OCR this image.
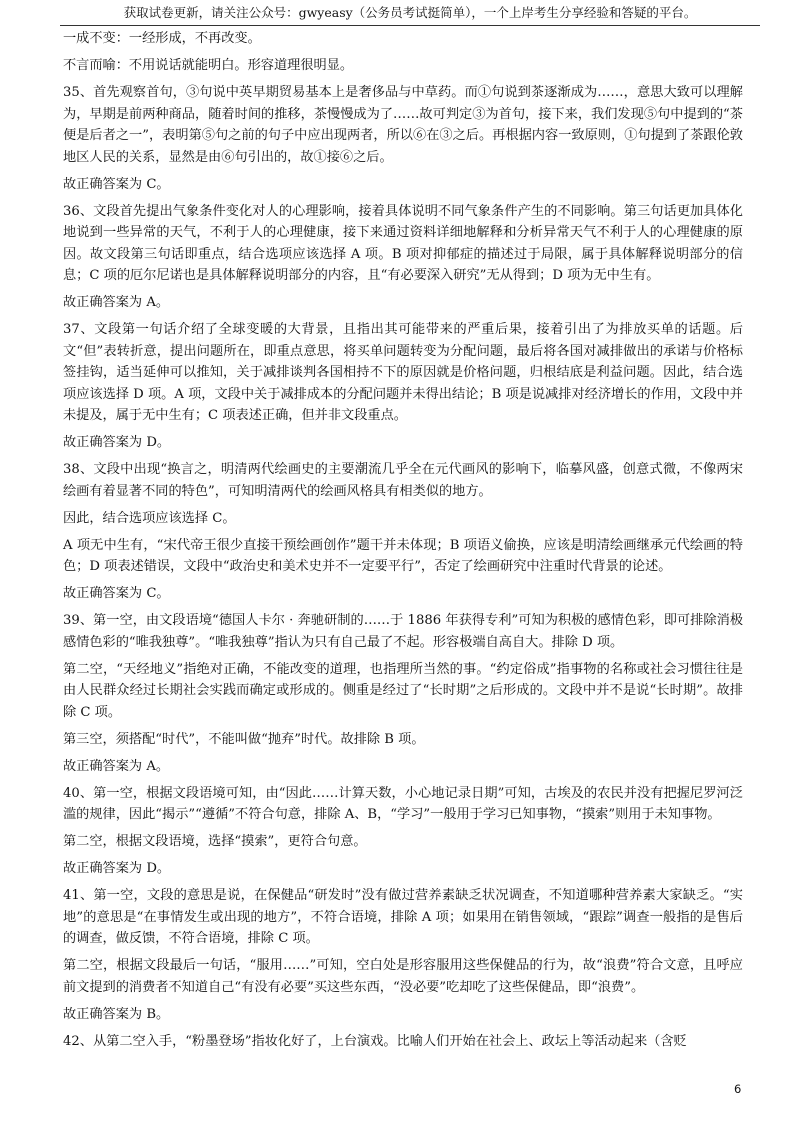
获取试卷更新，请关注公众号：gwyeasy（公务员考试挺简单），一个上岸考生分享经验和答疑的平台。

一成不变：一经形成，不再改变。

不言而喻：不用说话就能明白。形容道理很明显。

35、首先观察首句，③句说中英早期贸易基本上是奢侈品与中草药。而①句说到茶逐渐成为……，意思大致可以理解为，早期是前两种商品，随着时间的推移，茶慢慢成为了……故可判定③为首句，接下来，我们发现⑤句中提到的“茶便是后者之一”，表明第⑤句之前的句子中应出现两者，所以⑥在③之后。再根据内容一致原则，①句提到了茶跟伦敦地区人民的关系，显然是由⑥句引出的，故①接⑥之后。

故正确答案为 C。

36、文段首先提出气象条件变化对人的心理影响，接着具体说明不同气象条件产生的不同影响。第三句话更加具体化地说到一些异常的天气，不利于人的心理健康，接下来通过资料详细地解释和分析异常天气不利于人的心理健康的原因。故文段第三句话即重点，结合选项应该选择 A 项。B 项对抑郁症的描述过于局限，属于具体解释说明部分的信息；C 项的厄尔尼诺也是具体解释说明部分的内容，且“有必要深入研究”无从得到；D 项为无中生有。

故正确答案为 A。

37、文段第一句话介绍了全球变暖的大背景，且指出其可能带来的严重后果，接着引出了为排放买单的话题。后文“但”表转折意，提出问题所在，即重点意思，将买单问题转变为分配问题，最后将各国对减排做出的承诺与价格标签挂钩，适当延伸可以推知，关于减排谈判各国相持不下的原因就是价格问题，归根结底是利益问题。因此，结合选项应该选择 D 项。A 项，文段中关于减排成本的分配问题并未得出结论；B 项是说减排对经济增长的作用，文段中并未提及，属于无中生有；C 项表述正确，但并非文段重点。

故正确答案为 D。

38、文段中出现“换言之，明清两代绘画史的主要潮流几乎全在元代画风的影响下，临摹风盛，创意式微，不像两宋绘画有着显著不同的特色”，可知明清两代的绘画风格具有相类似的地方。

因此，结合选项应该选择 C。

A 项无中生有，“宋代帝王很少直接干预绘画创作”题干并未体现；B 项语义偷换，应该是明清绘画继承元代绘画的特色；D 项表述错误，文段中“政治史和美术史并不一定要平行”，否定了绘画研究中注重时代背景的论述。

故正确答案为 C。

39、第一空，由文段语境“德国人卡尔 · 奔驰研制的……于 1886 年获得专利”可知为积极的感情色彩，即可排除消极感情色彩的“唯我独尊”。“唯我独尊”指认为只有自己最了不起。形容极端自高自大。排除 D 项。

第二空，“天经地义”指绝对正确，不能改变的道理，也指理所当然的事。“约定俗成”指事物的名称或社会习惯往往是由人民群众经过长期社会实践而确定或形成的。侧重是经过了“长时期”之后形成的。文段中并不是说“长时期”。故排除 C 项。

第三空，须搭配“时代”，不能叫做“抛弃”时代。故排除 B 项。

故正确答案为 A。

40、第一空，根据文段语境可知，由“因此……计算天数，小心地记录日期”可知，古埃及的农民并没有把握尼罗河泛滥的规律，因此“揭示”“遵循”不符合句意，排除 A、B，“学习”一般用于学习已知事物，“摸索”则用于未知事物。

第二空，根据文段语境，选择“摸索”，更符合句意。

故正确答案为 D。

41、第一空，文段的意思是说，在保健品“研发时”没有做过营养素缺乏状况调查，不知道哪种营养素大家缺乏。“实地”的意思是“在事情发生或出现的地方”，不符合语境，排除 A 项；如果用在销售领域，“跟踪”调查一般指的是售后的调查，做反馈，不符合语境，排除 C 项。

第二空，根据文段最后一句话，“服用……”可知，空白处是形容服用这些保健品的行为，故“浪费”符合文意，且呼应前文提到的消费者不知道自己“有没有必要”买这些东西，“没必要”吃却吃了这些保健品，即“浪费”。

故正确答案为 B。

42、从第二空入手，“粉墨登场”指妆化好了，上台演戏。比喻人们开始在社会上、政坛上等活动起来（含贬

6
